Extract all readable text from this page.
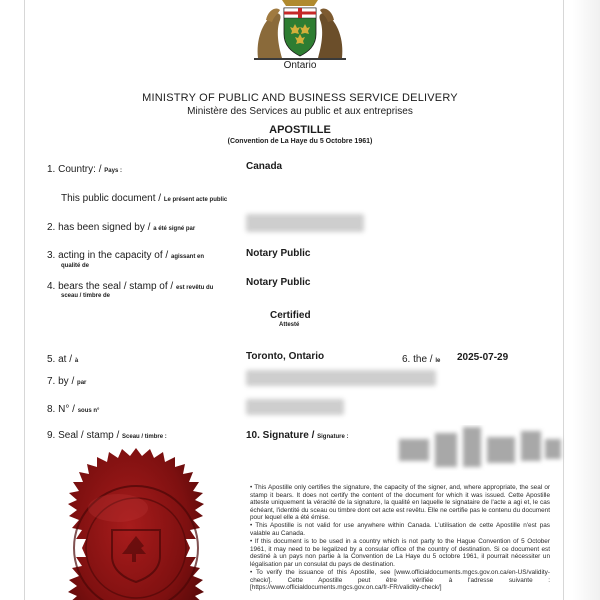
Ontario
MINISTRY OF PUBLIC AND BUSINESS SERVICE DELIVERY
Ministère des Services au public et aux entreprises
APOSTILLE
(Convention de La Haye du 5 Octobre 1961)
1. Country: / Pays :	Canada
This public document / Le présent acte public
2. has been signed by / a été signé par
3. acting in the capacity of / agissant en
qualité de
Notary Public
4. bears the seal / stamp of / est revêtu du
sceau / timbre de
Notary Public
Certified
Attesté
5. at / à	Toronto, Ontario	6. the / le 2025-07-29
7. by / par
8. N° / sous n°
9. Seal / stamp / Sceau / timbre :	10. Signature / Signature :

• This Apostille only certifies the signature, the capacity of the signer, and, where appropriate, the seal or stamp it bears. It does not certify the content of the document for which it was issued. Cette Apostille atteste uniquement la véracité de la signature, la qualité en laquelle le signataire de l'acte a agi et, le cas échéant, l'identité du sceau ou timbre dont cet acte est revêtu. Elle ne certifie pas le contenu du document pour lequel elle a été émise.

• This Apostille is not valid for use anywhere within Canada. L'utilisation de cette Apostille n'est pas valable au Canada.

• If this document is to be used in a country which is not party to the Hague Convention of 5 October 1961, it may need to be legalized by a consular office of the country of destination. Si ce document est destiné à un pays non partie à la Convention de La Haye du 5 octobre 1961, il pourrait nécessiter un légalisation par un consulat du pays de destination.

• To verify the issuance of this Apostille, see [www.officialdocuments.mgcs.gov.on.ca/en-US/validity-check/]. Cette Apostille peut être vérifiée à l'adresse suivante : [https://www.officialdocuments.mgcs.gov.on.ca/fr-FR/validity-check/]
